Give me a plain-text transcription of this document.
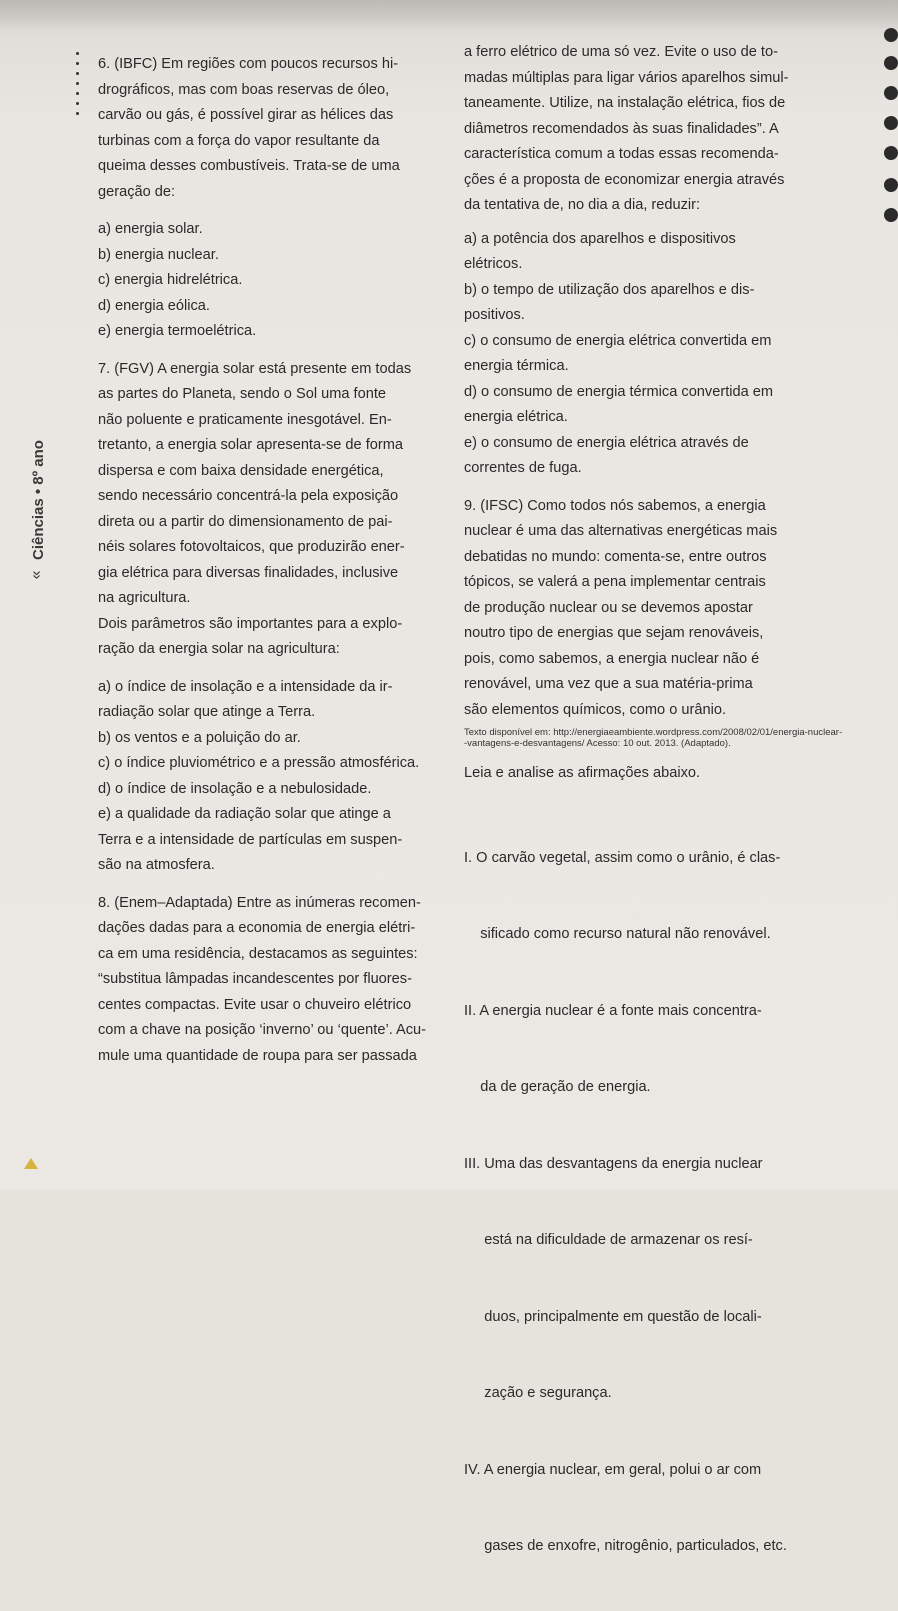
Ciências • 8º ano
»

6. (IBFC) Em regiões com poucos recursos hi-

drográficos, mas com boas reservas de óleo,

carvão ou gás, é possível girar as hélices das

turbinas com a força do vapor resultante da

queima desses combustíveis. Trata-se de uma

geração de:

a) energia solar.

b) energia nuclear.

c) energia hidrelétrica.

d) energia eólica.

e) energia termoelétrica.

7. (FGV) A energia solar está presente em todas

as partes do Planeta, sendo o Sol uma fonte

não poluente e praticamente inesgotável. En-

tretanto, a energia solar apresenta-se de forma

dispersa e com baixa densidade energética,

sendo necessário concentrá-la pela exposição

direta ou a partir do dimensionamento de pai-

néis solares fotovoltaicos, que produzirão ener-

gia elétrica para diversas finalidades, inclusive

na agricultura.

Dois parâmetros são importantes para a explo-

ração da energia solar na agricultura:

a) o índice de insolação e a intensidade da ir-

radiação solar que atinge a Terra.

b) os ventos e a poluição do ar.

c) o índice pluviométrico e a pressão atmosférica.

d) o índice de insolação e a nebulosidade.

e) a qualidade da radiação solar que atinge a

Terra e a intensidade de partículas em suspen-

são na atmosfera.

8. (Enem–Adaptada) Entre as inúmeras recomen-

dações dadas para a economia de energia elétri-

ca em uma residência, destacamos as seguintes:

“substitua lâmpadas incandescentes por fluores-

centes compactas. Evite usar o chuveiro elétrico

com a chave na posição ‘inverno’ ou ‘quente’. Acu-

mule uma quantidade de roupa para ser passada

a ferro elétrico de uma só vez. Evite o uso de to-

madas múltiplas para ligar vários aparelhos simul-

taneamente. Utilize, na instalação elétrica, fios de

diâmetros recomendados às suas finalidades”. A

característica comum a todas essas recomenda-

ções é a proposta de economizar energia através

da tentativa de, no dia a dia, reduzir:

a) a potência dos aparelhos e dispositivos

elétricos.

b) o tempo de utilização dos aparelhos e dis-

positivos.

c) o consumo de energia elétrica convertida em

energia térmica.

d) o consumo de energia térmica convertida em

energia elétrica.

e) o consumo de energia elétrica através de

correntes de fuga.

9. (IFSC) Como todos nós sabemos, a energia

nuclear é uma das alternativas energéticas mais

debatidas no mundo: comenta-se, entre outros

tópicos, se valerá a pena implementar centrais

de produção nuclear ou se devemos apostar

noutro tipo de energias que sejam renováveis,

pois, como sabemos, a energia nuclear não é

renovável, uma vez que a sua matéria-prima

são elementos químicos, como o urânio.

Texto disponível em: http://energiaeambiente.wordpress.com/2008/02/01/energia-nuclear-

-vantagens-e-desvantagens/ Acesso: 10 out. 2013. (Adaptado).

Leia e analise as afirmações abaixo.

I. O carvão vegetal, assim como o urânio, é clas-

sificado como recurso natural não renovável.

II. A energia nuclear é a fonte mais concentra-

da de geração de energia.

III. Uma das desvantagens da energia nuclear

está na dificuldade de armazenar os resí-

duos, principalmente em questão de locali-

zação e segurança.

IV. A energia nuclear, em geral, polui o ar com

gases de enxofre, nitrogênio, particulados, etc.
